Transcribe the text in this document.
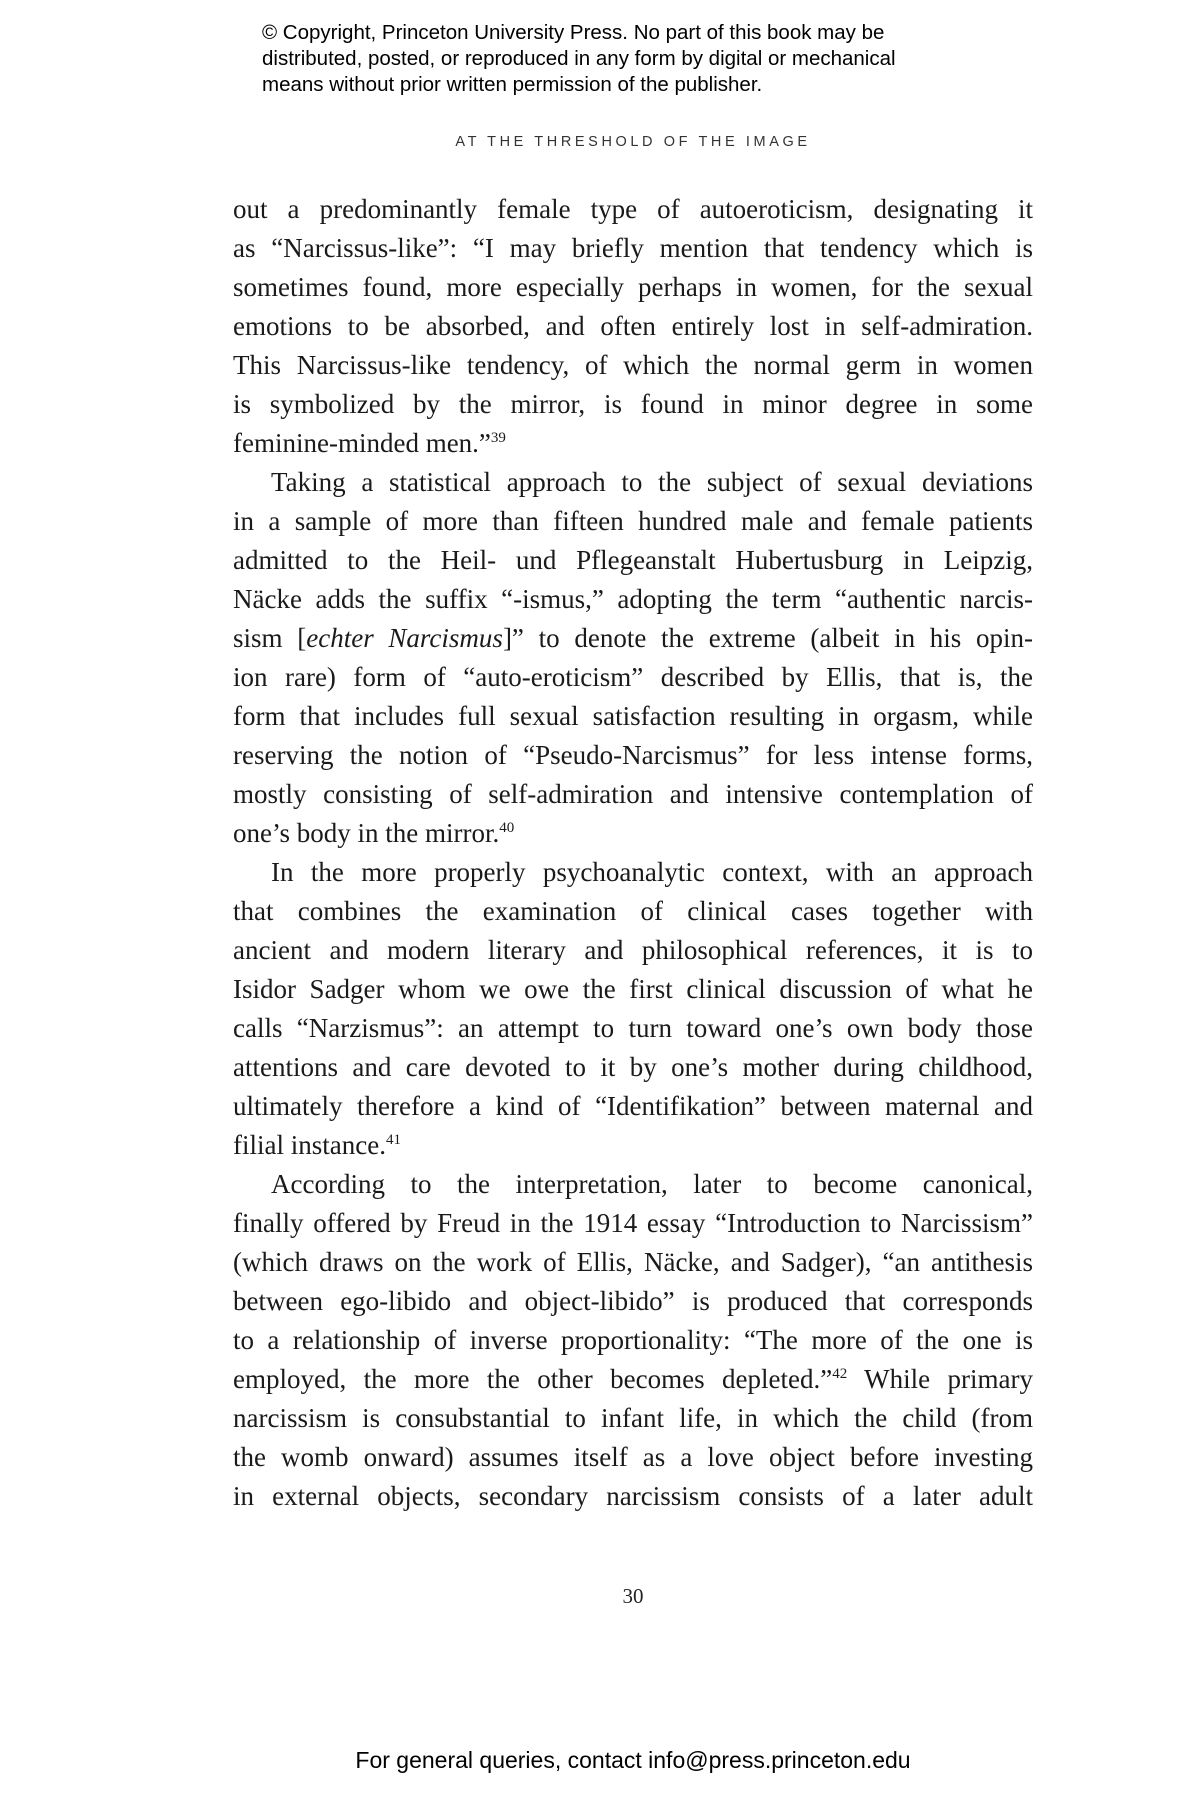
© Copyright, Princeton University Press. No part of this book may be
distributed, posted, or reproduced in any form by digital or mechanical
means without prior written permission of the publisher.
AT THE THRESHOLD OF THE IMAGE
out a predominantly female type of autoeroticism, designating it
as “Narcissus-like”: “I may briefly mention that tendency which is
sometimes found, more especially perhaps in women, for the sexual
emotions to be absorbed, and often entirely lost in self-admiration.
This Narcissus-like tendency, of which the normal germ in women
is symbolized by the mirror, is found in minor degree in some
feminine-minded men.”$^{39}$
Taking a statistical approach to the subject of sexual deviations
in a sample of more than fifteen hundred male and female patients
admitted to the Heil- und Pflegeanstalt Hubertusburg in Leipzig,
Näcke adds the suffix “-ismus,” adopting the term “authentic narcis-
sism [echter Narcismus]” to denote the extreme (albeit in his opin-
ion rare) form of “auto-eroticism” described by Ellis, that is, the
form that includes full sexual satisfaction resulting in orgasm, while
reserving the notion of “Pseudo-Narcismus” for less intense forms,
mostly consisting of self-admiration and intensive contemplation of
one’s body in the mirror.$^{40}$
In the more properly psychoanalytic context, with an approach
that combines the examination of clinical cases together with
ancient and modern literary and philosophical references, it is to
Isidor Sadger whom we owe the first clinical discussion of what he
calls “Narzismus”: an attempt to turn toward one’s own body those
attentions and care devoted to it by one’s mother during childhood,
ultimately therefore a kind of “Identifikation” between maternal and
filial instance.$^{41}$
According to the interpretation, later to become canonical,
finally offered by Freud in the 1914 essay “Introduction to Narcissism”
(which draws on the work of Ellis, Näcke, and Sadger), “an antithesis
between ego-libido and object-libido” is produced that corresponds
to a relationship of inverse proportionality: “The more of the one is
employed, the more the other becomes depleted.”$^{42}$ While primary
narcissism is consubstantial to infant life, in which the child (from
the womb onward) assumes itself as a love object before investing
in external objects, secondary narcissism consists of a later adult
30
For general queries, contact info@press.princeton.edu
